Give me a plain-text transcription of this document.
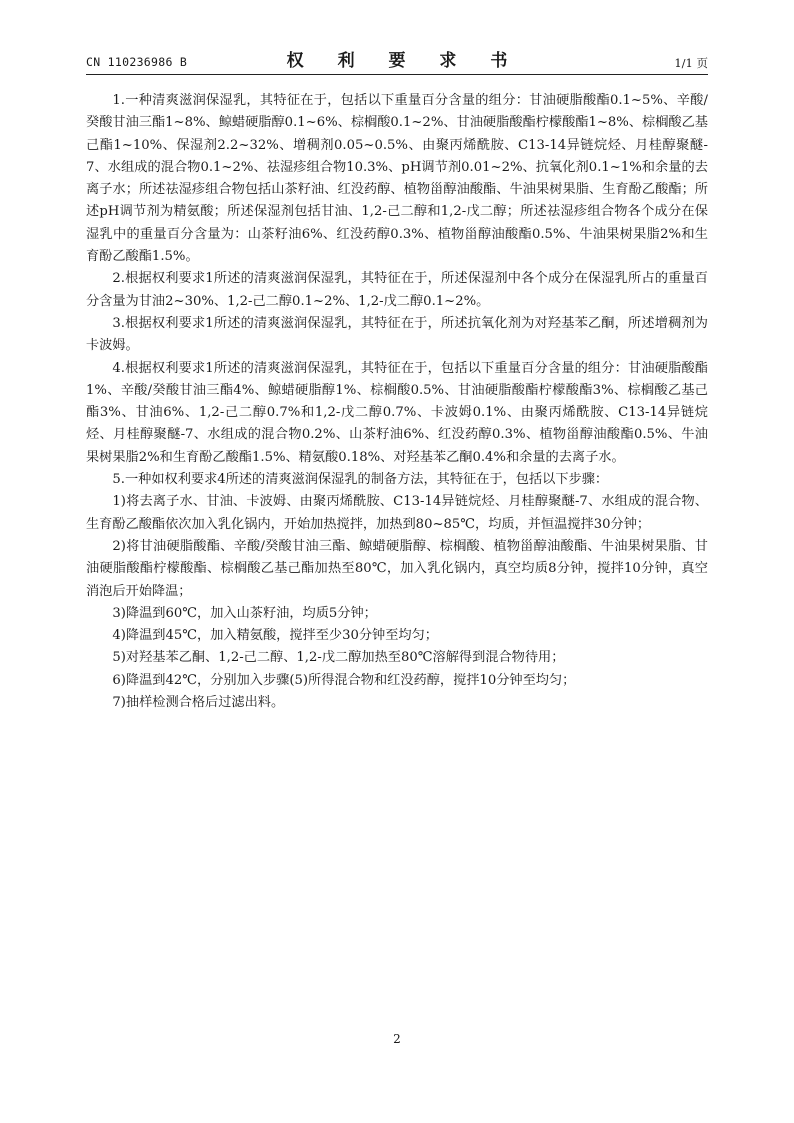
CN 110236986 B	权 利 要 求 书	1/1 页

1.一种清爽滋润保湿乳，其特征在于，包括以下重量百分含量的组分：甘油硬脂酸酯0.1~5%、辛酸/癸酸甘油三酯1~8%、鲸蜡硬脂醇0.1~6%、棕榈酸0.1~2%、甘油硬脂酸酯柠檬酸酯1~8%、棕榈酸乙基己酯1~10%、保湿剂2.2~32%、增稠剂0.05~0.5%、由聚丙烯酰胺、C13-14异链烷烃、月桂醇聚醚-7、水组成的混合物0.1~2%、祛湿疹组合物10.3%、pH调节剂0.01~2%、抗氧化剂0.1~1%和余量的去离子水；所述祛湿疹组合物包括山茶籽油、红没药醇、植物甾醇油酸酯、牛油果树果脂、生育酚乙酸酯；所述pH调节剂为精氨酸；所述保湿剂包括甘油、1,2-己二醇和1,2-戊二醇；所述祛湿疹组合物各个成分在保湿乳中的重量百分含量为：山茶籽油6%、红没药醇0.3%、植物甾醇油酸酯0.5%、牛油果树果脂2%和生育酚乙酸酯1.5%。

2.根据权利要求1所述的清爽滋润保湿乳，其特征在于，所述保湿剂中各个成分在保湿乳所占的重量百分含量为甘油2~30%、1,2-己二醇0.1~2%、1,2-戊二醇0.1~2%。

3.根据权利要求1所述的清爽滋润保湿乳，其特征在于，所述抗氧化剂为对羟基苯乙酮，所述增稠剂为卡波姆。

4.根据权利要求1所述的清爽滋润保湿乳，其特征在于，包括以下重量百分含量的组分：甘油硬脂酸酯1%、辛酸/癸酸甘油三酯4%、鲸蜡硬脂醇1%、棕榈酸0.5%、甘油硬脂酸酯柠檬酸酯3%、棕榈酸乙基己酯3%、甘油6%、1,2-己二醇0.7%和1,2-戊二醇0.7%、卡波姆0.1%、由聚丙烯酰胺、C13-14异链烷烃、月桂醇聚醚-7、水组成的混合物0.2%、山茶籽油6%、红没药醇0.3%、植物甾醇油酸酯0.5%、牛油果树果脂2%和生育酚乙酸酯1.5%、精氨酸0.18%、对羟基苯乙酮0.4%和余量的去离子水。

5.一种如权利要求4所述的清爽滋润保湿乳的制备方法，其特征在于，包括以下步骤：

1)将去离子水、甘油、卡波姆、由聚丙烯酰胺、C13-14异链烷烃、月桂醇聚醚-7、水组成的混合物、生育酚乙酸酯依次加入乳化锅内，开始加热搅拌，加热到80~85℃，均质，并恒温搅拌30分钟；

2)将甘油硬脂酸酯、辛酸/癸酸甘油三酯、鲸蜡硬脂醇、棕榈酸、植物甾醇油酸酯、牛油果树果脂、甘油硬脂酸酯柠檬酸酯、棕榈酸乙基己酯加热至80℃，加入乳化锅内，真空均质8分钟，搅拌10分钟，真空消泡后开始降温；

3)降温到60℃，加入山茶籽油，均质5分钟；

4)降温到45℃，加入精氨酸，搅拌至少30分钟至均匀；

5)对羟基苯乙酮、1,2-己二醇、1,2-戊二醇加热至80℃溶解得到混合物待用；

6)降温到42℃，分别加入步骤(5)所得混合物和红没药醇，搅拌10分钟至均匀；

7)抽样检测合格后过滤出料。

2
